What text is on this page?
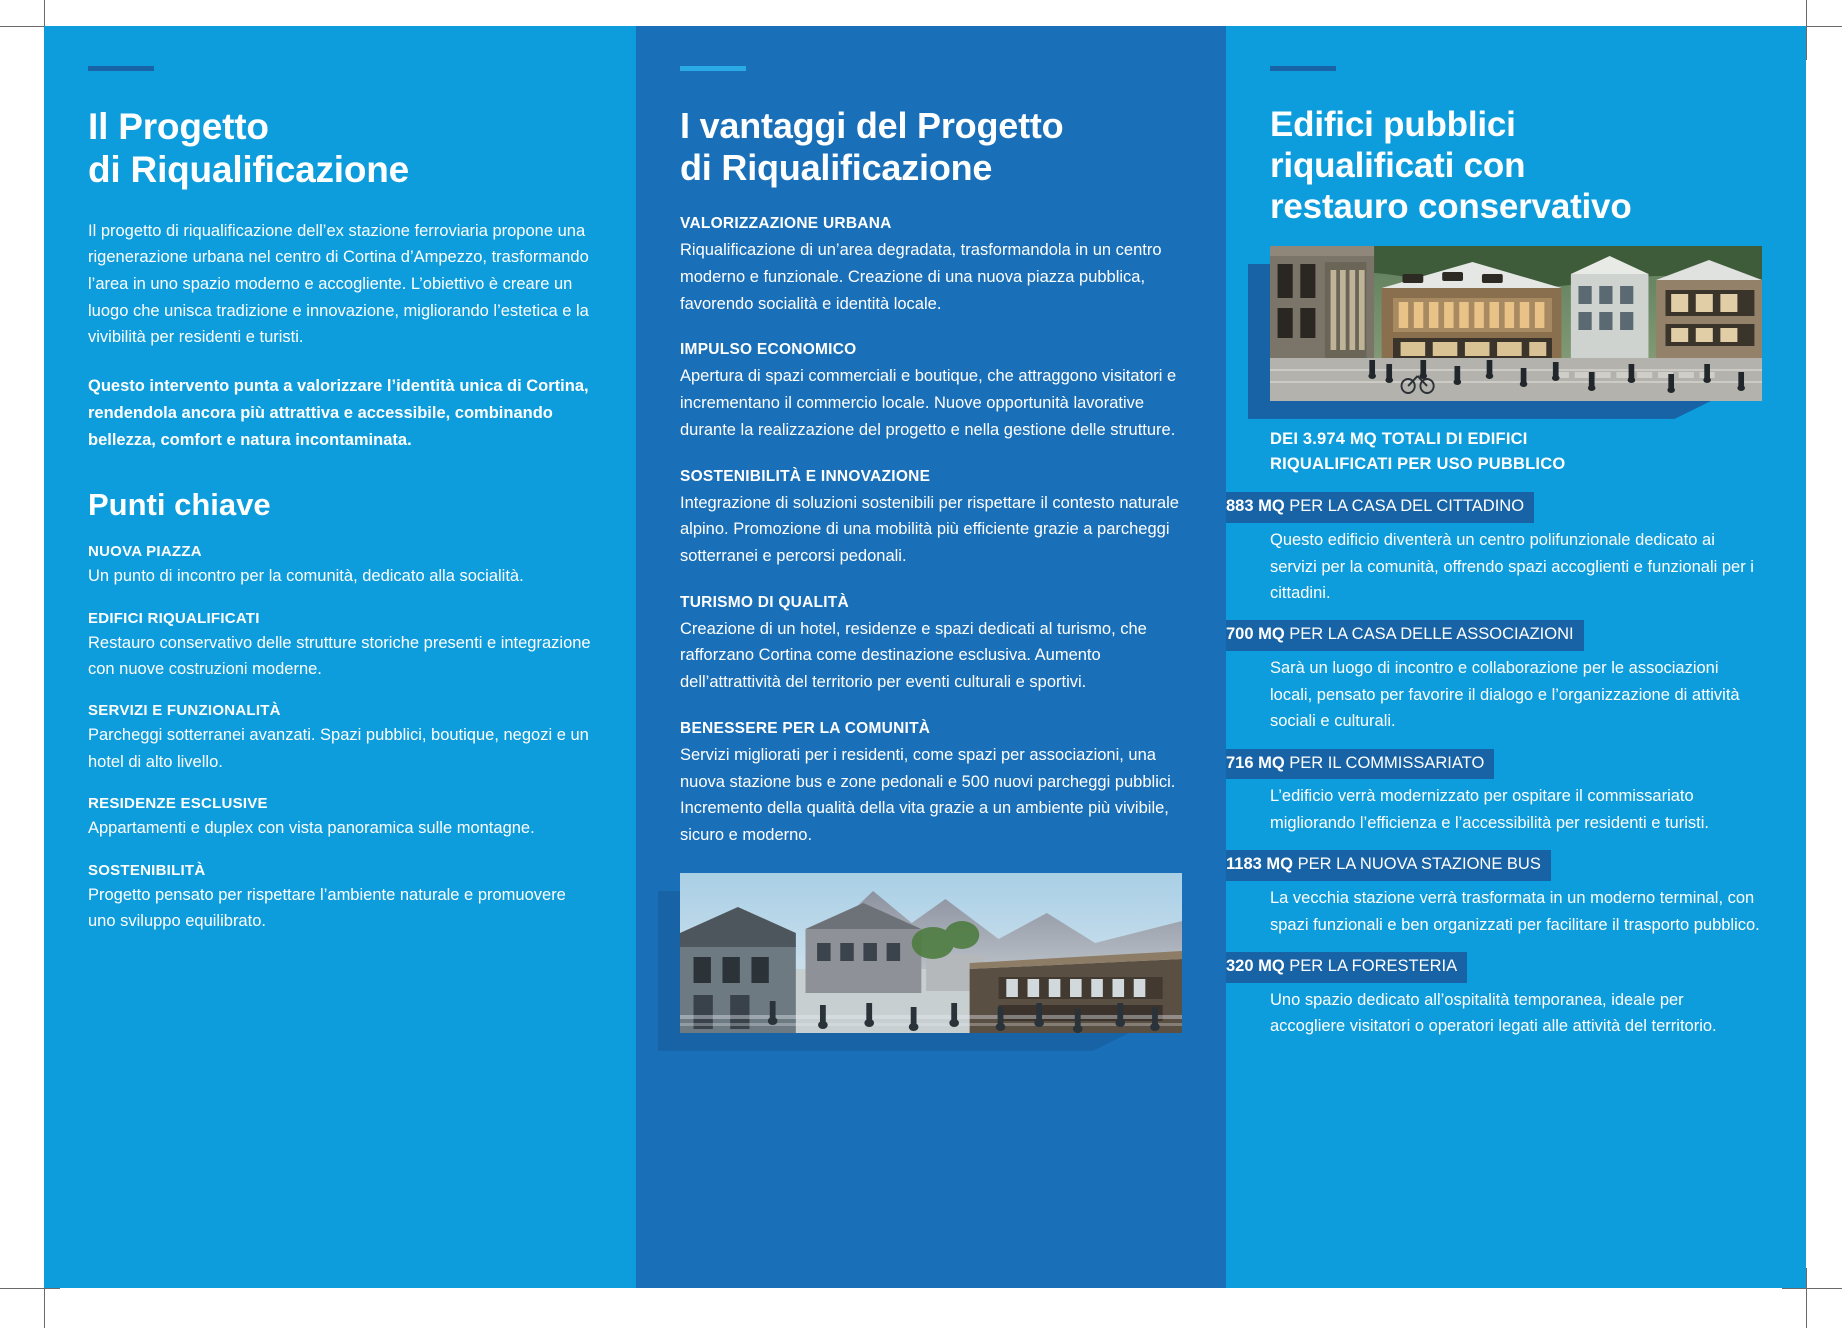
Il Progetto
di Riqualificazione

Il progetto di riqualificazione dell’ex stazione ferroviaria propone una rigenerazione urbana nel centro di Cortina d’Ampezzo, trasformando l’area in uno spazio moderno e accogliente. L’obiettivo è creare un luogo che unisca tradizione e innovazione, migliorando l’estetica e la vivibilità per residenti e turisti.

Questo intervento punta a valorizzare l’identità unica di Cortina, rendendola ancora più attrattiva e accessibile, combinando bellezza, comfort e natura incontaminata.

Punti chiave
NUOVA PIAZZA
Un punto di incontro per la comunità, dedicato alla socialità.
EDIFICI RIQUALIFICATI
Restauro conservativo delle strutture storiche presenti e integrazione con nuove costruzioni moderne.
SERVIZI E FUNZIONALITÀ
Parcheggi sotterranei avanzati. Spazi pubblici, boutique, negozi e un hotel di alto livello.
RESIDENZE ESCLUSIVE
Appartamenti e duplex con vista panoramica sulle montagne.
SOSTENIBILITÀ
Progetto pensato per rispettare l’ambiente naturale e promuovere uno sviluppo equilibrato.
I vantaggi del Progetto
di Riqualificazione
VALORIZZAZIONE URBANA
Riqualificazione di un’area degradata, trasformandola in un centro moderno e funzionale. Creazione di una nuova piazza pubblica, favorendo socialità e identità locale.
IMPULSO ECONOMICO
Apertura di spazi commerciali e boutique, che attraggono visitatori e incrementano il commercio locale. Nuove opportunità lavorative durante la realizzazione del progetto e nella gestione delle strutture.
SOSTENIBILITÀ E INNOVAZIONE
Integrazione di soluzioni sostenibili per rispettare il contesto naturale alpino. Promozione di una mobilità più efficiente grazie a parcheggi sotterranei e percorsi pedonali.
TURISMO DI QUALITÀ
Creazione di un hotel, residenze e spazi dedicati al turismo, che rafforzano Cortina come destinazione esclusiva. Aumento dell’attrattività del territorio per eventi culturali e sportivi.
BENESSERE PER LA COMUNITÀ
Servizi migliorati per i residenti, come spazi per associazioni, una nuova stazione bus e zone pedonali e 500 nuovi parcheggi pubblici. Incremento della qualità della vita grazie a un ambiente più vivibile, sicuro e moderno.
Edifici pubblici
riqualificati con
restauro conservativo
DEI 3.974 MQ TOTALI DI EDIFICI
RIQUALIFICATI PER USO PUBBLICO
883 MQ PER LA CASA DEL CITTADINO
Questo edificio diventerà un centro polifunzionale dedicato ai servizi per la comunità, offrendo spazi accoglienti e funzionali per i cittadini.
700 MQ PER LA CASA DELLE ASSOCIAZIONI
Sarà un luogo di incontro e collaborazione per le associazioni locali, pensato per favorire il dialogo e l’organizzazione di attività sociali e culturali.
716 MQ PER IL COMMISSARIATO
L’edificio verrà modernizzato per ospitare il commissariato migliorando l’efficienza e l’accessibilità per residenti e turisti.
1183 MQ PER LA NUOVA STAZIONE BUS
La vecchia stazione verrà trasformata in un moderno terminal, con spazi funzionali e ben organizzati per facilitare il trasporto pubblico.
320 MQ PER LA FORESTERIA
Uno spazio dedicato all’ospitalità temporanea, ideale per accogliere visitatori o operatori legati alle attività del territorio.
